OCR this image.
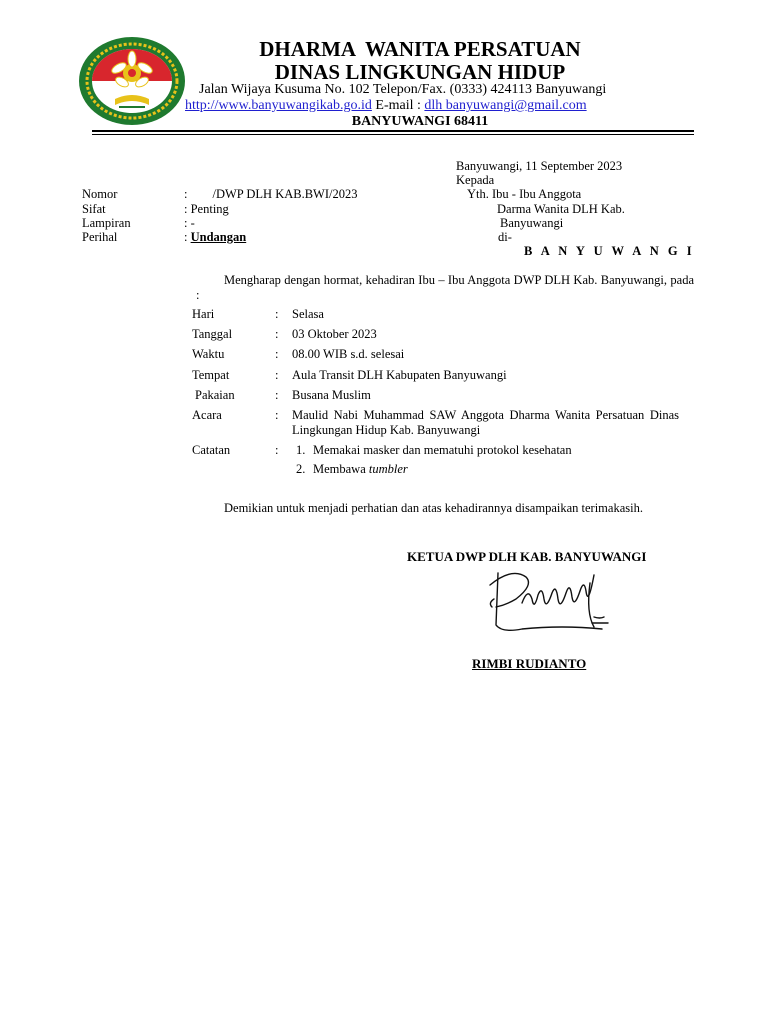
DHARMA  WANITA PERSATUAN
DINAS LINGKUNGAN HIDUP
Jalan Wijaya Kusuma No. 102 Telepon/Fax. (0333) 424113 Banyuwangi
http://www.banyuwangikab.go.id E-mail : dlh banyuwangi@gmail.com
BANYUWANGI 68411
Banyuwangi, 11 September 2023
Kepada
Yth. Ibu - Ibu Anggota
Darma Wanita DLH Kab.
Banyuwangi
di-
B A N Y U W A N G I
Nomor	:        /DWP DLH KAB.BWI/2023
Sifat	: Penting
Lampiran	: -
Perihal	: Undangan
Mengharap dengan hormat, kehadiran Ibu – Ibu Anggota DWP DLH Kab. Banyuwangi, pada :
Hari	: Selasa
Tanggal	: 03 Oktober 2023
Waktu	: 08.00 WIB s.d. selesai
Tempat	: Aula Transit DLH Kabupaten Banyuwangi
Pakaian	: Busana Muslim
Acara	: Maulid Nabi Muhammad SAW Anggota Dharma Wanita Persatuan Dinas Lingkungan Hidup Kab. Banyuwangi
Catatan	: 1. Memakai masker dan mematuhi protokol kesehatan
2. Membawa tumbler
Demikian untuk menjadi perhatian dan atas kehadirannya disampaikan terimakasih.
KETUA DWP DLH KAB. BANYUWANGI
RIMBI RUDIANTO
